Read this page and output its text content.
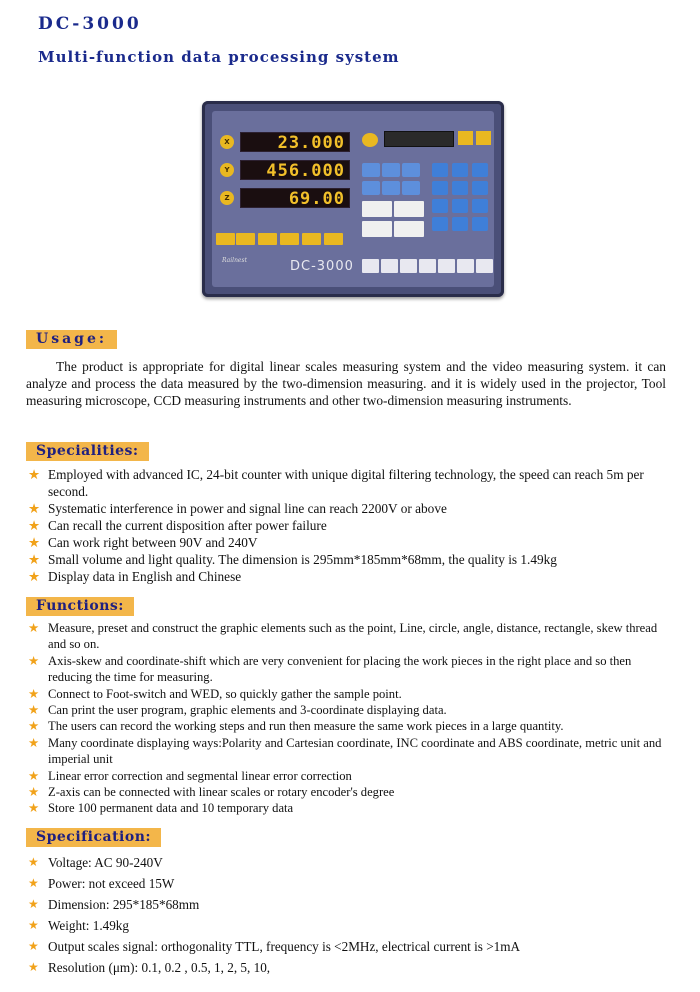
DC-3000
Multi-function data processing system
X
Y
Z
23.000
456.000
69.00
Railnest	DC-3000
Usage:
The product is appropriate for digital linear scales measuring system and the video measuring system. it can analyze and process the data measured by the two-dimension measuring. and it is widely used in the projector, Tool measuring microscope, CCD measuring instruments and other two-dimension measuring instruments.
Specialities:
★ Employed with advanced IC, 24-bit counter with unique digital filtering technology, the speed can reach 5m per second.
★ Systematic interference in power and signal line can reach 2200V or above
★ Can recall the current disposition after power failure
★ Can work right between 90V and 240V
★ Small volume and light quality. The dimension is 295mm*185mm*68mm, the quality is 1.49kg
★ Display data in English and Chinese
Functions:
★ Measure, preset and construct the graphic elements such as the point, Line, circle, angle, distance, rectangle, skew thread and so on.
★ Axis-skew and coordinate-shift which are very convenient for placing the work pieces in the right place and so then reducing the time for measuring.
★ Connect to Foot-switch and WED, so quickly gather the sample point.
★ Can print the user program, graphic elements and 3-coordinate displaying data.
★ The users can record the working steps and run then measure the same work pieces in a large quantity.
★ Many coordinate displaying ways:Polarity and Cartesian coordinate, INC coordinate and ABS coordinate, metric unit and imperial unit
★ Linear error correction and segmental linear error correction
★ Z-axis can be connected with linear scales or rotary encoder's degree
★ Store 100 permanent data and 10 temporary data
Specification:
★ Voltage: AC 90-240V
★ Power: not exceed 15W
★ Dimension: 295*185*68mm
★ Weight: 1.49kg
★ Output scales signal: orthogonality TTL, frequency is <2MHz, electrical current is >1mA
★ Resolution (μm): 0.1, 0.2 , 0.5, 1, 2, 5, 10,
